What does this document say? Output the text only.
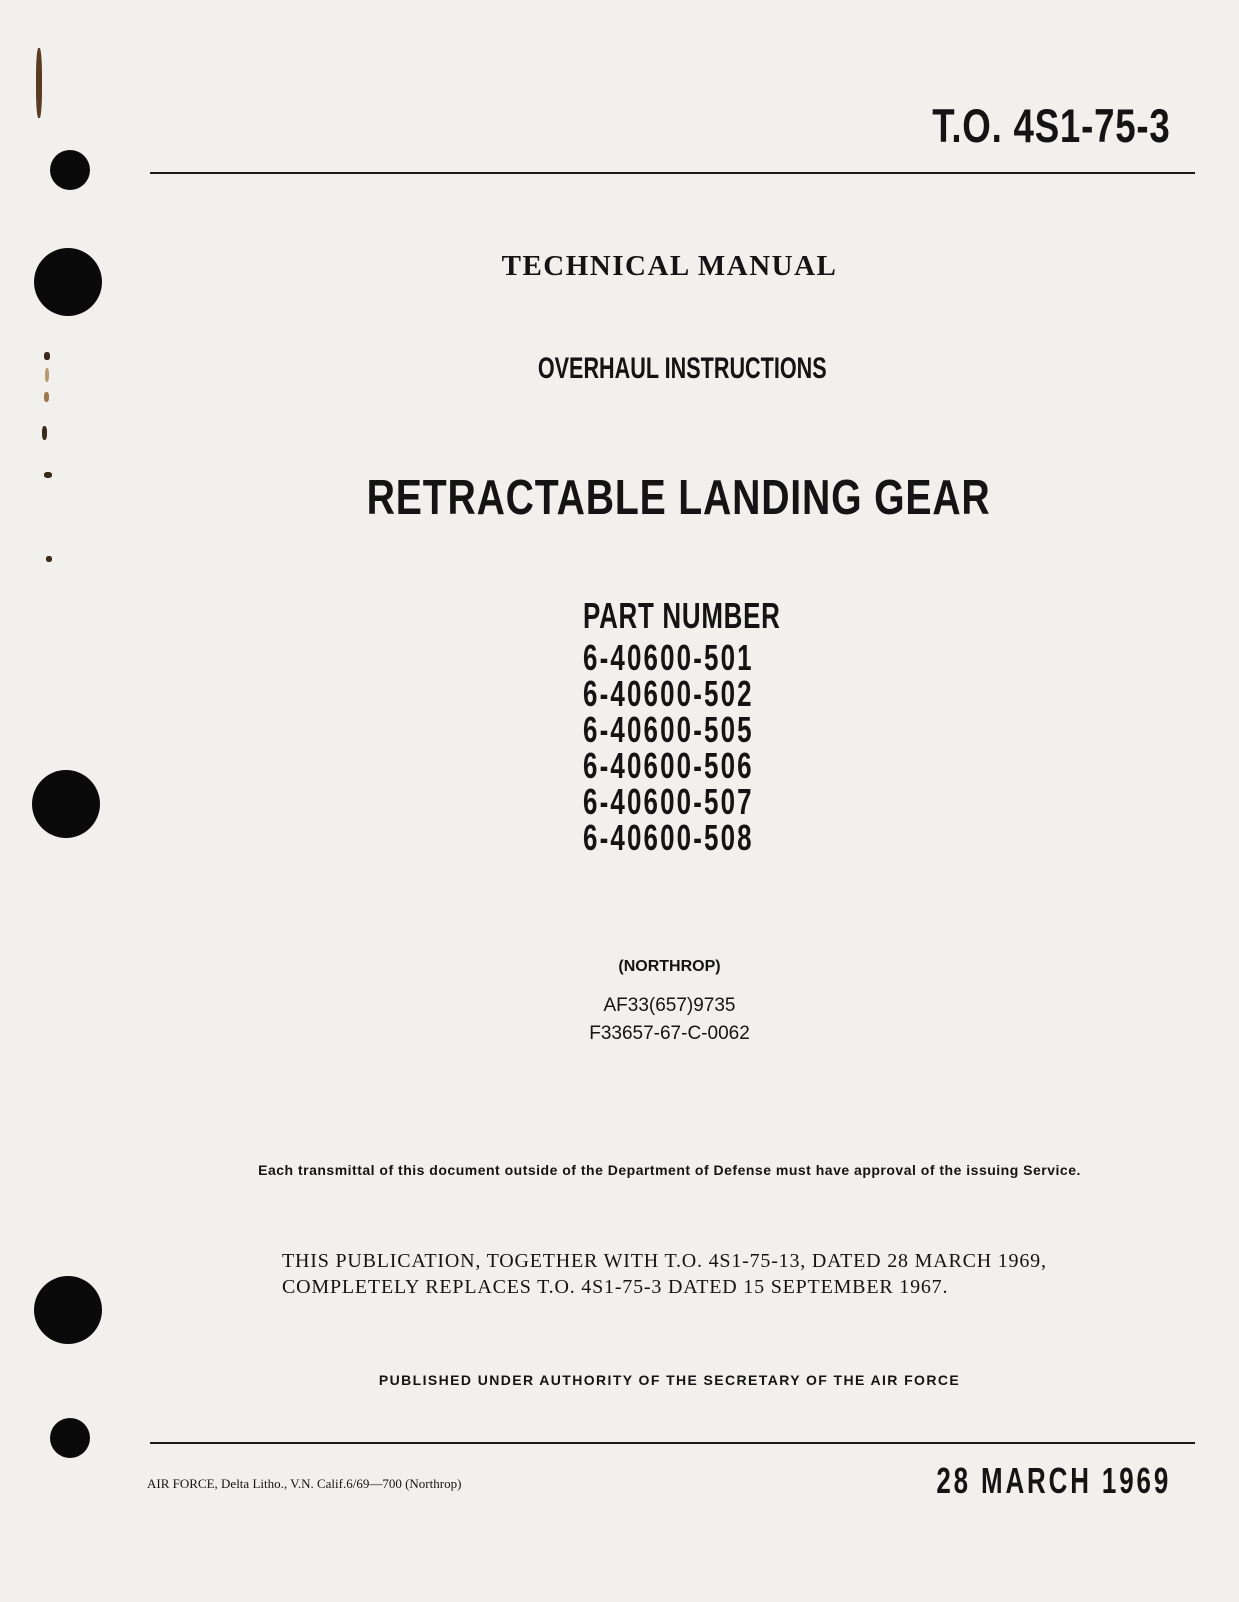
T.O. 4S1-75-3
TECHNICAL MANUAL
OVERHAUL INSTRUCTIONS
RETRACTABLE LANDING GEAR
PART NUMBER
6-40600-501
6-40600-502
6-40600-505
6-40600-506
6-40600-507
6-40600-508
(NORTHROP)
AF33(657)9735
F33657-67-C-0062
Each transmittal of this document outside of the Department of Defense must have approval of the issuing Service.
THIS PUBLICATION, TOGETHER WITH T.O. 4S1-75-13, DATED 28 MARCH 1969,
COMPLETELY REPLACES T.O. 4S1-75-3 DATED 15 SEPTEMBER 1967.
PUBLISHED UNDER AUTHORITY OF THE SECRETARY OF THE AIR FORCE
AIR FORCE, Delta Litho., V.N. Calif.6/69—700 (Northrop)	28 MARCH 1969
